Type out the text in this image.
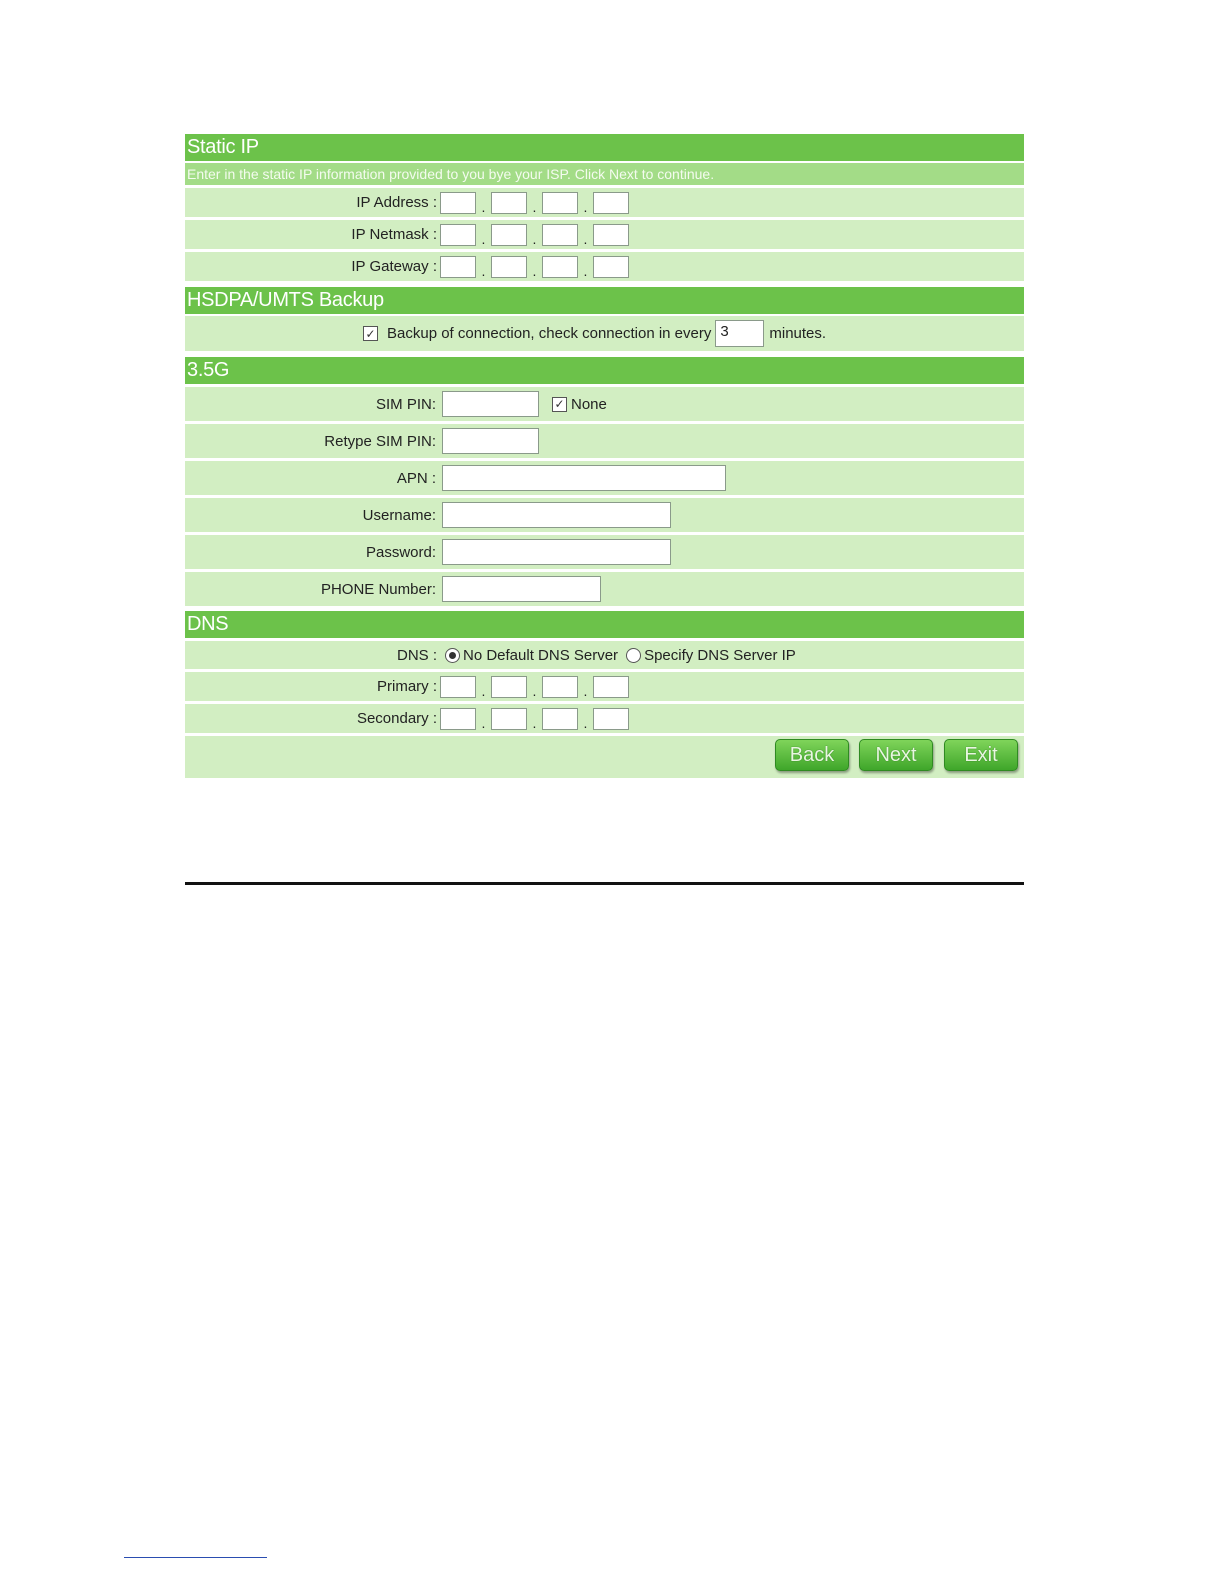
Static IP
Enter in the static IP information provided to you bye your ISP. Click Next to continue.
IP Address :	.	.	.
IP Netmask :	.	.	.
IP Gateway :	.	.	.
HSDPA/UMTS Backup
✓ Backup of connection, check connection in every 3	minutes.
3.5G
SIM PIN:	✓ None
Retype SIM PIN:
APN :
Username:
Password:
PHONE Number:
DNS
DNS : No Default DNS Server Specify DNS Server IP
Primary :	.	.	.
Secondary :	.	.	.
Back	Next	Exit
